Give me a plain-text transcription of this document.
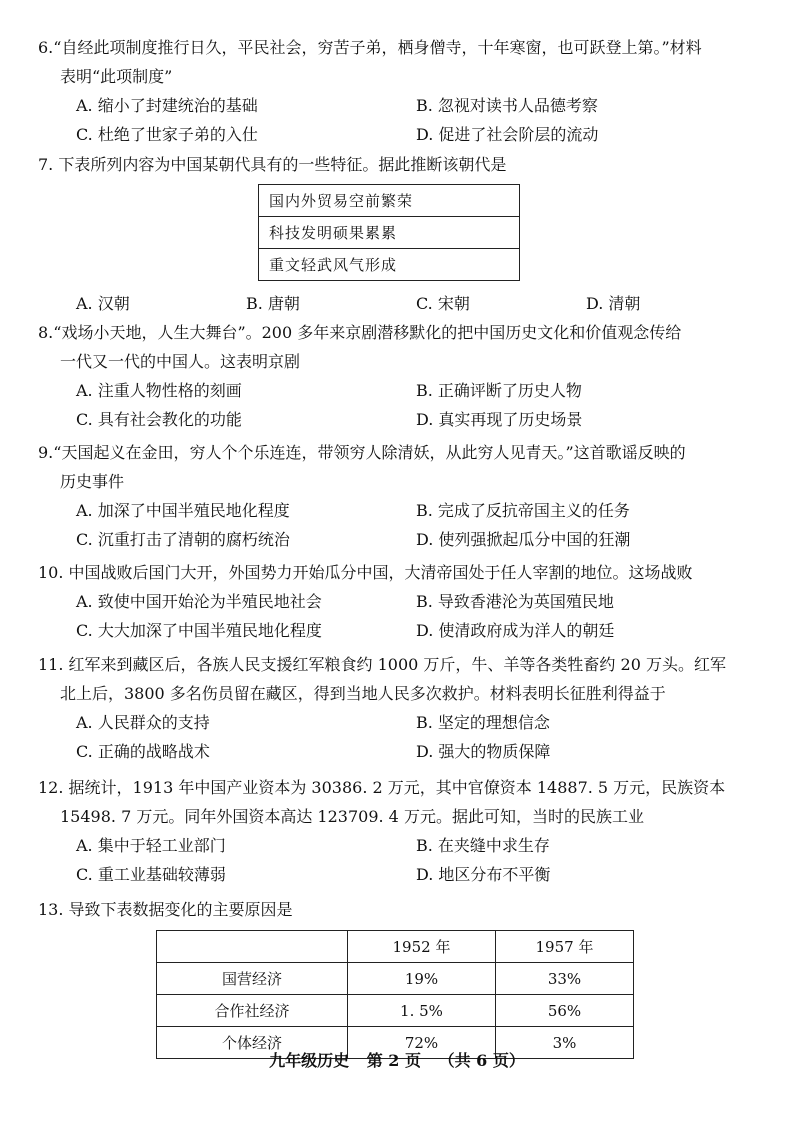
6.“自经此项制度推行日久，平民社会，穷苦子弟，栖身僧寺，十年寒窗，也可跃登上第。”材料
表明“此项制度”
A. 缩小了封建统治的基础	B. 忽视对读书人品德考察
C. 杜绝了世家子弟的入仕	D. 促进了社会阶层的流动
7. 下表所列内容为中国某朝代具有的一些特征。据此推断该朝代是
国内外贸易空前繁荣
科技发明硕果累累
重文轻武风气形成
A. 汉朝	B. 唐朝	C. 宋朝	D. 清朝
8.“戏场小天地，人生大舞台”。200 多年来京剧潜移默化的把中国历史文化和价值观念传给
一代又一代的中国人。这表明京剧
A. 注重人物性格的刻画	B. 正确评断了历史人物
C. 具有社会教化的功能	D. 真实再现了历史场景
9.“天国起义在金田，穷人个个乐连连，带领穷人除清妖，从此穷人见青天。”这首歌谣反映的
历史事件
A. 加深了中国半殖民地化程度	B. 完成了反抗帝国主义的任务
C. 沉重打击了清朝的腐朽统治	D. 使列强掀起瓜分中国的狂潮
10. 中国战败后国门大开，外国势力开始瓜分中国，大清帝国处于任人宰割的地位。这场战败
A. 致使中国开始沦为半殖民地社会	B. 导致香港沦为英国殖民地
C. 大大加深了中国半殖民地化程度	D. 使清政府成为洋人的朝廷
11. 红军来到藏区后，各族人民支援红军粮食约 1000 万斤，牛、羊等各类牲畜约 20 万头。红军
北上后，3800 多名伤员留在藏区，得到当地人民多次救护。材料表明长征胜利得益于
A. 人民群众的支持	B. 坚定的理想信念
C. 正确的战略战术	D. 强大的物质保障
12. 据统计，1913 年中国产业资本为 30386. 2 万元，其中官僚资本 14887. 5 万元，民族资本
15498. 7 万元。同年外国资本高达 123709. 4 万元。据此可知，当时的民族工业
A. 集中于轻工业部门	B. 在夹缝中求生存
C. 重工业基础较薄弱	D. 地区分布不平衡
13. 导致下表数据变化的主要原因是
	1952 年	1957 年
国营经济	19%	33%
合作社经济	1. 5%	56%
个体经济	72%	3%
九年级历史 第 2 页 （共 6 页）
